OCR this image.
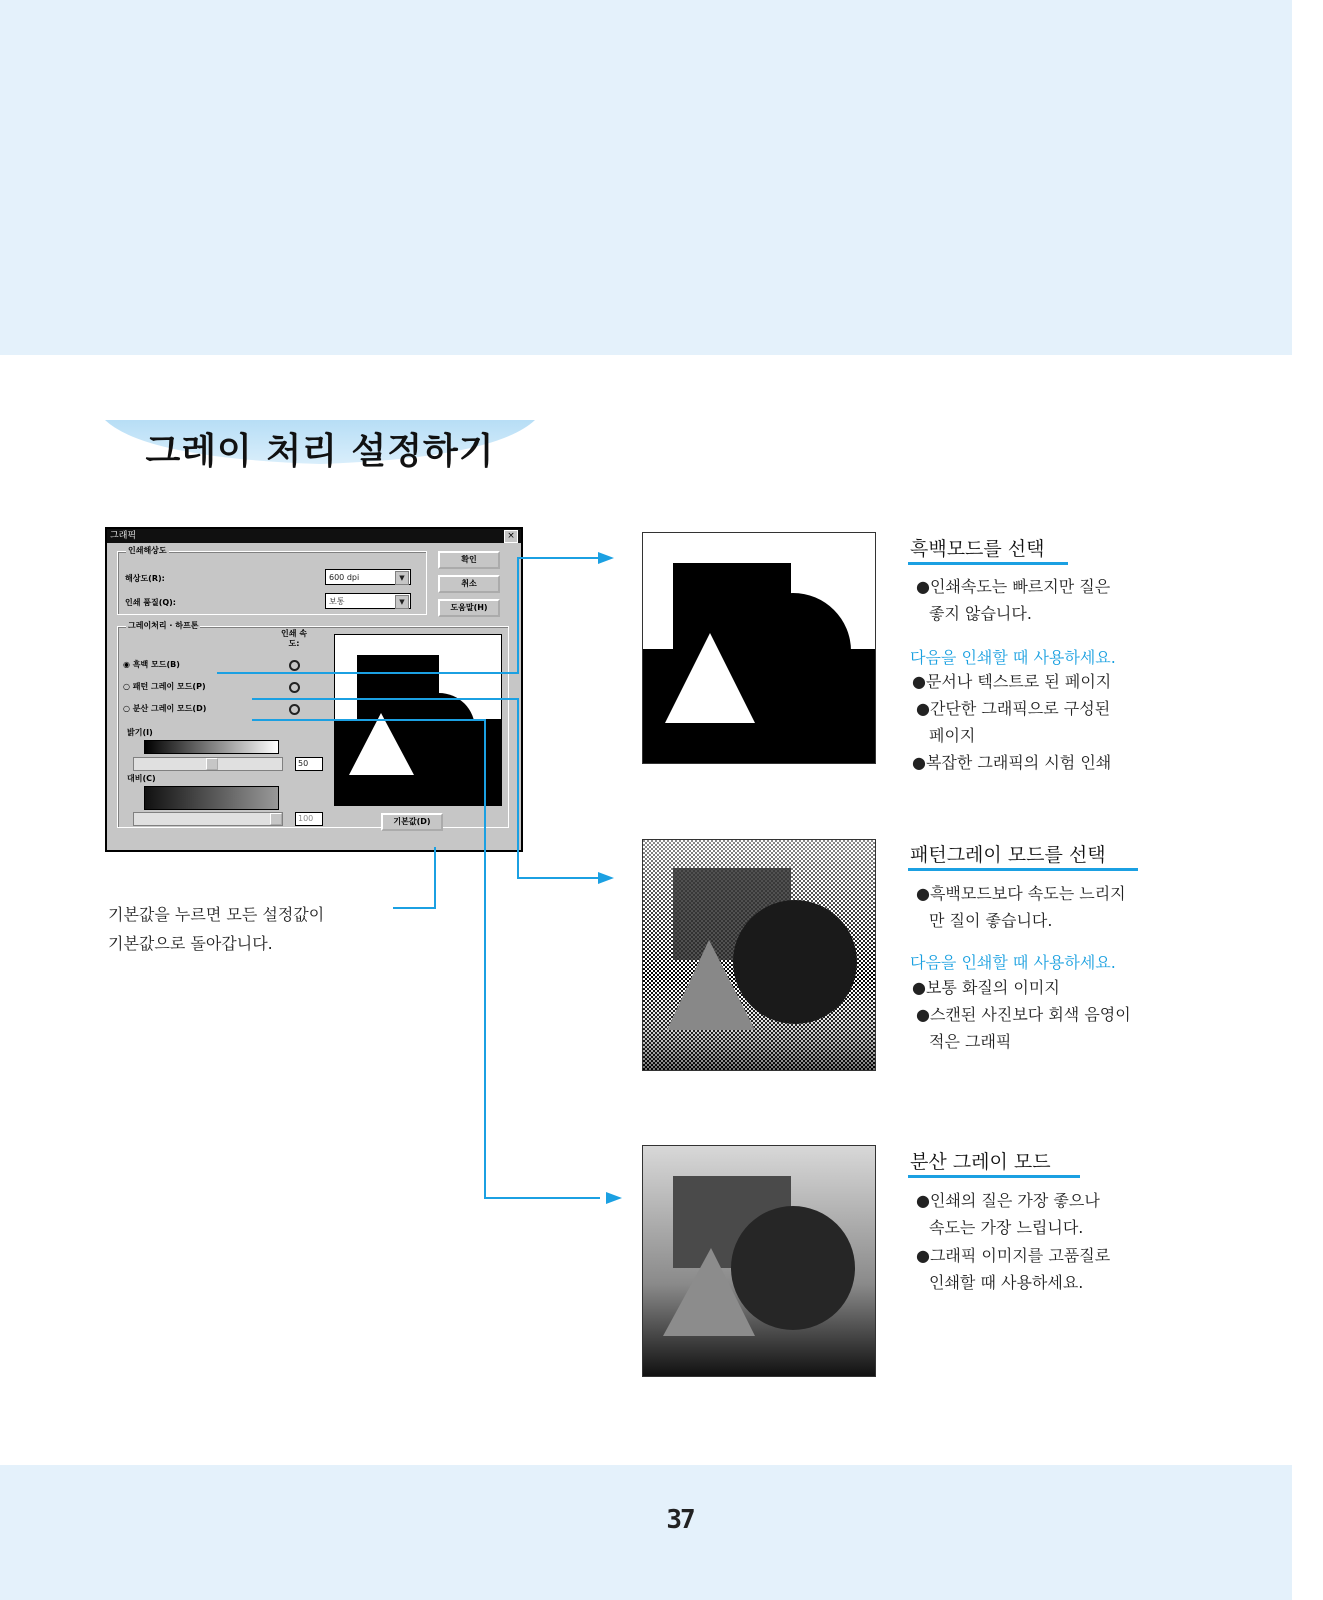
그레이 처리 설정하기
그래픽	×
인쇄해상도
해상도(R):	600 dpi	▼
인쇄 품질(Q):	보통	▼
확인
취소
도움말(H)
그레이처리 · 하프톤
인쇄 속도:
◉ 흑백 모드(B)
○ 패턴 그레이 모드(P)
○ 분산 그레이 모드(D)
밝기(I)
50
대비(C)
100	기본값(D)
기본값을 누르면 모든 설정값이
기본값으로 돌아갑니다.
흑백모드를 선택
●인쇄속도는 빠르지만 질은
좋지 않습니다.
다음을 인쇄할 때 사용하세요.
●문서나 텍스트로 된 페이지
●간단한 그래픽으로 구성된
페이지
●복잡한 그래픽의 시험 인쇄
패턴그레이 모드를 선택
●흑백모드보다 속도는 느리지
만 질이 좋습니다.
다음을 인쇄할 때 사용하세요.
●보통 화질의 이미지
●스캔된 사진보다 회색 음영이
적은 그래픽
분산 그레이 모드
●인쇄의 질은 가장 좋으나
속도는 가장 느립니다.
●그래픽 이미지를 고품질로
인쇄할 때 사용하세요.
37
